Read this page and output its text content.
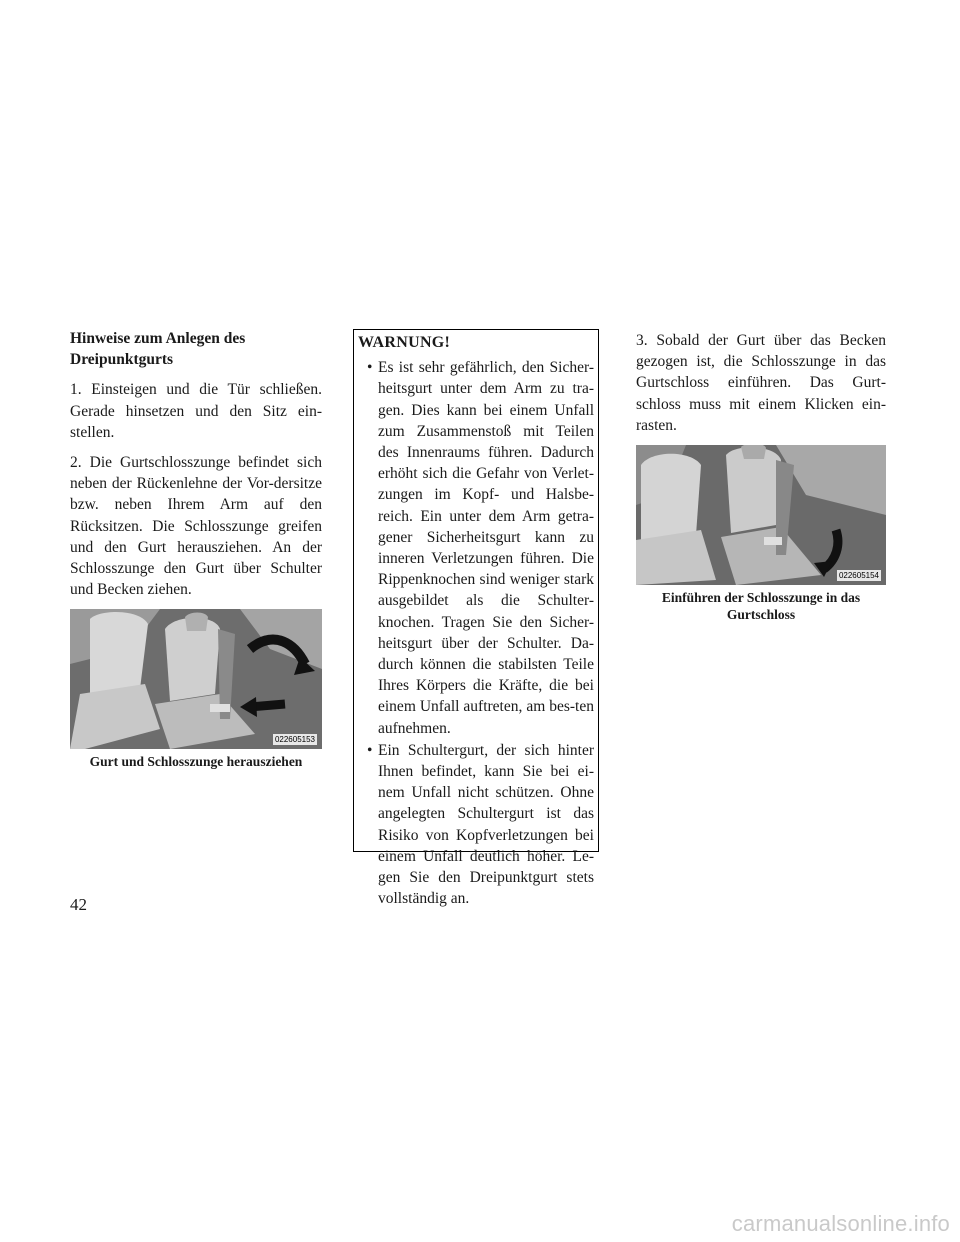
Hinweise zum Anlegen des Dreipunktgurts

1. Einsteigen und die Tür schließen. Gerade hinsetzen und den Sitz ein-stellen.

2. Die Gurtschlosszunge befindet sich neben der Rückenlehne der Vor-dersitze bzw. neben Ihrem Arm auf den Rücksitzen. Die Schlosszunge greifen und den Gurt herausziehen. An der Schlosszunge den Gurt über Schulter und Becken ziehen.

022605153
Gurt und Schlosszunge herausziehen
WARNUNG!
• Es ist sehr gefährlich, den Sicher-heitsgurt unter dem Arm zu tra-gen. Dies kann bei einem Unfall zum Zusammenstoß mit Teilen des Innenraums führen. Dadurch erhöht sich die Gefahr von Verlet-zungen im Kopf- und Halsbe-reich. Ein unter dem Arm getra-gener Sicherheitsgurt kann zu inneren Verletzungen führen. Die Rippenknochen sind weniger stark ausgebildet als die Schulter-knochen. Tragen Sie den Sicher-heitsgurt über der Schulter. Da-durch können die stabilsten Teile Ihres Körpers die Kräfte, die bei einem Unfall auftreten, am bes-ten aufnehmen.
• Ein Schultergurt, der sich hinter Ihnen befindet, kann Sie bei ei-nem Unfall nicht schützen. Ohne angelegten Schultergurt ist das Risiko von Kopfverletzungen bei einem Unfall deutlich höher. Le-gen Sie den Dreipunktgurt stets vollständig an.

3. Sobald der Gurt über das Becken gezogen ist, die Schlosszunge in das Gurtschloss einführen. Das Gurt-schloss muss mit einem Klicken ein-rasten.

022605154
Einführen der Schlosszunge in das Gurtschloss
42
carmanualsonline.info
